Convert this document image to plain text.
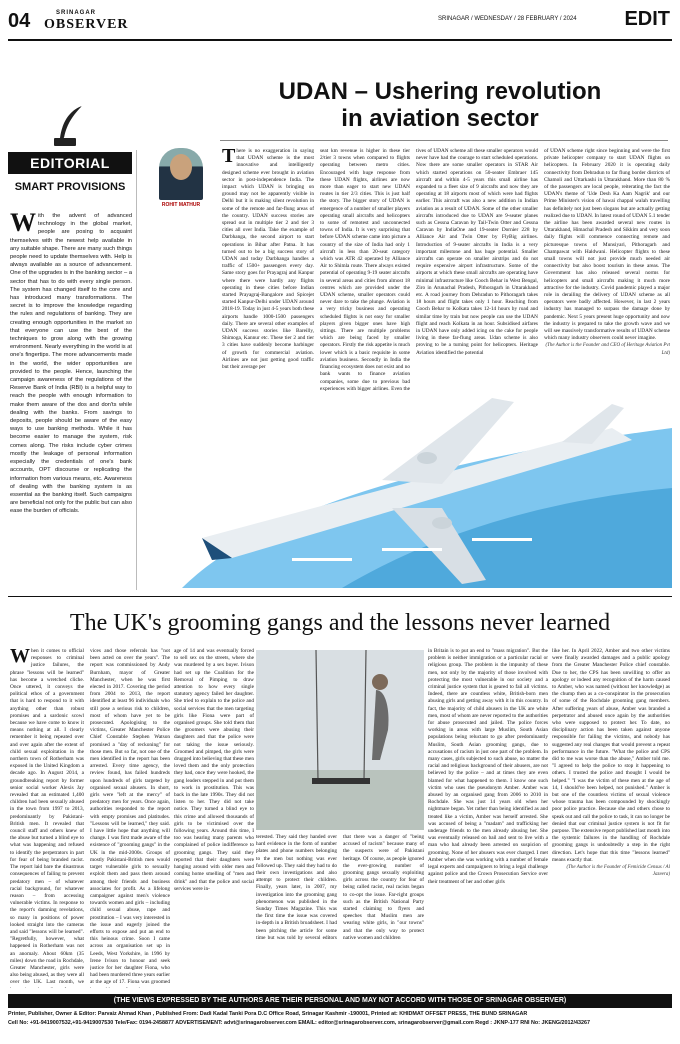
04	SRINAGAR
OBSERVER	SRINAGAR / WEDNESDAY / 28 FEBRUARY / 2024 EDIT
EDITORIAL
SMART PROVISIONS
With the advent of advanced technology in the global market, people are posing to acquaint themselves with the newest help available in any suitable shape. There are many such things people need to update themselves with. Help is always available as a source of advancement. One of the upgrades is in the banking sector – a sector that has to do with every single person. The system has changed itself to the core and has introduced many transformations. The secret is to improve the knowledge regarding the rules and regulations of banking. They are creating enough opportunities in the market so that everyone can use the best of the techniques to grow along with the growing environment. Nearly everything in the world is at one's fingertips. The more advancements made in the world, the wider opportunities are provided to the people. Hence, launching the campaign awareness of the regulations of the Reserve Bank of India (RBI) is a helpful way to reach the people with enough information to make them aware of the dos and don'ts while dealing with the banks. From savings to deposits, people should be aware of the easy ways to use banking methods. While it has become easier to manage the system, risk comes along. The risks include cyber crimes mostly the leakage of personal information especially the credentials of one's bank accounts, OPT discourse or replicating the information from various means, etc. Awareness of dealing with the banking system is as essential as the banking itself. Such campaigns are beneficial not only for the public but can also ease the burden of officials.
UDAN – Ushering revolution
in aviation sector
ROHIT MATHUR
There is no exaggeration in saying that UDAN scheme is the most innovative and intelligently designed scheme ever brought in aviation sector in post-independence India. The impact which UDAN is bringing on ground may not be apparently visible in Delhi but it is making silent revolution in some of the remote and far-flung areas of the country. UDAN success stories are spread out in multiple tier 2 and tier 3 cities all over India. Take the example of Darbhanga, the second airport to start operations in Bihar after Patna. It has turned out to be a big success story of UDAN and today Darbhanga handles a traffic of 1500+ passengers every day. Same story goes for Prayagraj and Kanpur where there were hardly any flights operating in these cities before Indian started Prayagraj-Bangalore and Spicejet started Kanpur-Delhi under UDAN around 2018-19. Today in just 4-5 years both these airports handle 1000-1500 passengers daily. There are several other examples of UDAN success stories like Bareilly, Shimoga, Kannur etc. These tier 2 and tier 3 cities have suddenly become harbinger of growth for commercial aviation. Airlines are not just getting good traffic but their average per
seat km revenue is higher in these tier 2/tier 3 towns when compared to flights operating between metro cities. Encouraged with huge response from these UDAN flights, airlines are now more than eager to start new UDAN routes in tier 2/3 cities. This is just half the story. The bigger story of UDAN is emergence of a number of smaller players operating small aircrafts and helicopters to some of remotest and unconnected towns of India. It is very surprising that before UDAN scheme came into picture a country of the size of India had only 1 aircraft in less than 20-seat category which was ATR 42 operated by Alliance Air to Shimla route. There always existed potential of operating 9-19 seater aircrafts in several areas and cities from almost 18 centres which are provided under the UDAN scheme, smaller operators could never dare to take the plunge. Aviation is a very tricky business and operating scheduled flights is not easy for smaller players given bigger ones have high sittings. There are multiple problems which are being faced by smaller operators. Firstly the risk appetite is much lower which is a basic requisite in some aviation business. Secondly in India the financing ecosystem does not exist and no bank wants to finance aviation companies, some due to previous bad experiences with bigger airlines. Even the
tives of UDAN scheme all these smaller operators would never have had the courage to start scheduled operations. Now there are some smaller operators in STAR Air which started operations on 50-seater Embraer 145 aircraft and within 4-5 years this small airline has expanded to a fleet size of 9 aircrafts and now they are operating at 18 airports most of which were had flights earlier. This aircraft was also a new addition in Indian aviation as a result of UDAN. Some of the other smaller aircrafts introduced due to UDAN are 9-seater planes such as Cessna Caravan by Tail-Twin Otter and Cessna Caravan by IndiaOne and 19-seater Dornier 228 by Alliance Air and Twin Otter by FlyBig airlines. Introduction of 9-seater aircrafts in India is a very important milestone and has huge potential. Smaller aircrafts can operate on smaller airstrips and do not require expensive airport infrastructure. Some of the airports at which these small aircrafts are operating have minimal infrastructure like Cooch Behar in West Bengal, Ziro in Arunachal Pradesh, Pithoragarh in Uttarakhand etc. A road journey from Dehradun to Pithoragarh takes 18 hours and flight takes only 1 hour. Reaching from Cooch Behar to Kolkata takes 12-14 hours by road and similar time by train but now people can use the UDAN flight and reach Kolkata in an hour. Subsidised airfares in UDAN have only added icing on the cake for people living in these far-flung areas. Udan scheme is also proving to be a turning point for helicopters. Heritage Aviation identified the potential
of UDAN scheme right since beginning and were the first private helicopter company to start UDAN flights on helicopters. In February 2020 it is operating daily connectivity from Dehradun to far flung border districts of Chamoli and Uttarkashi in Uttarakhand. More than 80 % of the passengers are local people, reiterating the fact the UDAN's theme of 'Ude Desh Ka Aam Nagrik' and our Prime Minister's vision of hawai chappal walah travelling has definitely not just been slogans but are actually getting realized due to UDAN. In latest round of UDAN 5.1 tender the airline has been awarded several new routes in Uttarakhand, Himachal Pradesh and Sikkim and very soon daily flights will commence connecting remote and picturesque towns of Munsiyari, Pithoragarh and Champawat with Haldwani. Helicopter flights to these small towns will not just provide much needed air connectivity but also boost tourism in these areas. The Government has also released several norms for helicopters and small aircrafts making it much more attractive for the industry. Covid pandemic played a major role in derailing the delivery of UDAN scheme as all operators were badly affected. However, in last 2 years industry has managed to surpass the damage done by pandemic. Next 5 years present huge opportunity and now the industry is prepared to take the growth wave and we will see massively transformative results of UDAN scheme which many industry observers could never imagine.
(The Author is the Founder and CEO of Heritage Aviation Pvt Ltd)
The UK's grooming gangs and the lessons never learned
When it comes to official responses to criminal justice failures, the phrase "lessons will be learned" has become a wretched cliche. Once uttered, it conveys the political ethos of a government that is hard to respond to it with anything other than robust promises and a sardonic scowl because we have come to know it means nothing at all. I clearly remember it being repeated over and over again after the extent of child sexual exploitation in the northern town of Rotherham was exposed in the United Kingdom a decade ago. In August 2014, a groundbreaking report by former senior social worker Alexis Jay revealed that an estimated 1,400 children had been sexually abused in the town from 1997 to 2013, predominantly by Pakistani-British men. It revealed that council staff and others knew of the abuse but turned a blind eye to what was happening and refused to identify the perpetrators in part for fear of being branded racist. The report laid bare the disastrous consequences of failing to prevent predatory men – of whatever racial background, for whatever reason – from accessing vulnerable victims. In response to the report's damning revelations, so many in positions of power looked straight into the cameras and said "lessons will be learned". "Regretfully, however, what happened in Rotherham was not an anomaly. About 60km (35 miles) down the road in Rochdale, Greater Manchester, girls were also being abused, as they were all over the UK. Last month, we
vices and those referrals has "not been acted on over the years". The report was commissioned by Andy Burnham, mayor of Greater Manchester, when he was first elected in 2017. Covering the period from 2004 to 2013, the report identified at least 96 individuals who still pose a serious risk to children, most of whom have yet to be prosecuted. Apologising to the victims, Greater Manchester Police Chief Constable Stephen Watson promised a "day of reckoning" for those men. But so far, not one of the men identified in the report has been arrested. Every time agency, the review found, has failed hundreds upon hundreds of girls targeted by organised sexual abusers. In short, girls were "left at the mercy" of predatory men for years. Once again, authorities responded to the report with empty promises and platitudes. "Lessons will be learned," they said. I have little hope that anything will change. I was first made aware of the existence of "grooming gangs" in the UK in the mid-2000s. Groups of mostly Pakistani-British men would target vulnerable girls to sexually exploit them and pass them around among their friends and business associates for profit. As a lifelong campaigner against men's violence towards women and girls – including child sexual abuse, rape and prostitution – I was very interested in the issue and eagerly joined the efforts to expose and put an end to this heinous crime. Soon I came across an organisation set up in Leeds, West Yorkshire, in 1996 by Irene Ivison to honour and seek justice for her daughter Fiona, who had been murdered three years earlier at the age of 17. Fiona was groomed
age of 14 and was eventually forced to sell sex on the streets, where she was murdered by a sex buyer. Ivison had set up the Coalition for the Removal of Pimping to draw attention to how every single statutory agency failed her daughter. She tried to explain to the police and social services that the men targeting girls like Fiona were part of organised groups. She told them that the groomers were abusing their daughters and that the police were not taking the issue seriously. Groomed and pimped, the girls were drugged into believing that these men loved them and the only protection they had, once they were hooked, the gang leaders stepped in and put them to work in prostitution. This was back in the late 1990s. They did not listen to her. They did not take notice. They turned a blind eye to this crime and allowed thousands of girls to be victimised over the following years. Around this time, I too was hearing many parents who complained of police indifference to grooming gangs. They said they reported that their daughters were hanging around with older men and coming home smelling of "men and drink" and that the police and social services were in-
terested. They said they handed over hard evidence in the form of number plates and phone numbers belonging to the men but nothing was ever followed up. They said they had to do their own investigations and also attempt to protect their children. Finally, years later, in 2007, my investigation into the grooming gang phenomenon was published in the Sunday Times Magazine. This was the first time the issue was covered in-depth in a British broadsheet. I had been pitching the article for some time but was told by several editors that there was a danger of "being accused of racism" because many of the suspects were of Pakistani heritage. Of course, as people ignored the ever-growing number of grooming gangs sexually exploiting girls across the country for fear of being called racist, real racists began to co-opt the issue. Far-right groups such as the British National Party started claiming to flyers and speeches that Muslim men are wearing white girls, in "our towns" and that the only way to protect native women and children
in Britain is to put an end to "mass migration". But the problem is neither immigration or a particular racial or religious group. The problem is the impunity of these men, not only by the majority of those involved with protecting the most vulnerable in our society and a criminal justice system that is geared to fail all victims. Indeed, there are countless white, British-born men abusing girls and getting away with it in this country. In fact, the majority of child abusers in the UK are white men, most of whom are never reported to the authorities for abuse prosecuted and jailed. The police forces working in areas with large Muslim, South Asian populations being reluctant to go after predominantly Muslim, South Asian grooming gangs, due to accusations of racism in just one part of the problem. In many cases, girls subjected to such abuse, no matter the racial and religious background of their abusers, are not believed by the police – and at times they are even blamed for what happened to them. I know one such victim who uses the pseudonym Amber. Amber was abused by an organised gang from 2006 to 2010 in Rochdale. She was just 14 years old when her nightmare began. Yet rather than being identified as and treated like a victim, Amber was herself arrested. She was accused of being a "madam" and trafficking her underage friends to the men already abusing her. She was eventually released on bail and sent to live with a man who had already been arrested on suspicion of grooming. None of her abusers was ever charged. I met Amber when she was working with a number of female legal experts and campaigners to bring a legal challenge against police and the Crown Prosecution Service over their treatment of her and other girls
like her. In April 2022, Amber and two other victims were finally awarded damages and a public apology from the Greater Manchester Police chief constable. Due to her, the CPS has been unwilling to offer an apology or indeed any recognition of the harm caused to Amber, who was named (without her knowledge) as the chump then as a co-conspirator in the prosecution of some of the Rochdale grooming gang members. After suffering years of abuse, Amber was branded a perpetrator and abused once again by the authorities who were supposed to protect her. To date, no disciplinary action has been taken against anyone responsible for failing the victims, and nobody has suggested any real changes that would prevent a repeat performance in the future. "What the police and CPS did to me was worse than the abuse," Amber told me. "I agreed to help the police to stop it happening to others. I trusted the police and thought I would be helped." "I was the victim of these men at the age of 14, I should've been helped, not punished." Amber is but one of the countless victims of sexual violence whose trauma has been compounded by shockingly poor police practice. Because she and others chose to speak out and call the police to task, it can no longer be denied that our criminal justice system is not fit for purpose. The extensive report published last month into the systemic failures in the handling of Rochdale grooming gangs is undoubtedly a step in the right direction. Let's hope that this time "lessons learned" means exactly that.
(The Author is the Founder of Femicide Census / Al Jazeera)
(THE VIEWS EXPRESSED BY THE AUTHORS ARE THEIR PERSONAL AND MAY NOT ACCORD WITH THOSE OF SRINAGAR OBSERVER)
Printer, Publisher, Owner & Editor: Parvaiz Ahmad Khan , Published From: Dadi Kadal Tanki Pora D.C Office Road, Srinagar Kashmir -190001, Printed at: KHIDMAT OFFSET PRESS, THE BUND SRINAGAR
Cell No: +91-9419007532,+91-9419007530 Tele/Fax: 0194-2458877 ADVERTISEMENT: advt@srinagarobserver.com EMAIL: editor@srinagarobserver.com, srinagarobserver@gmail.com Regd : JKNP-177 RNI No: JKENG/2012/43267
